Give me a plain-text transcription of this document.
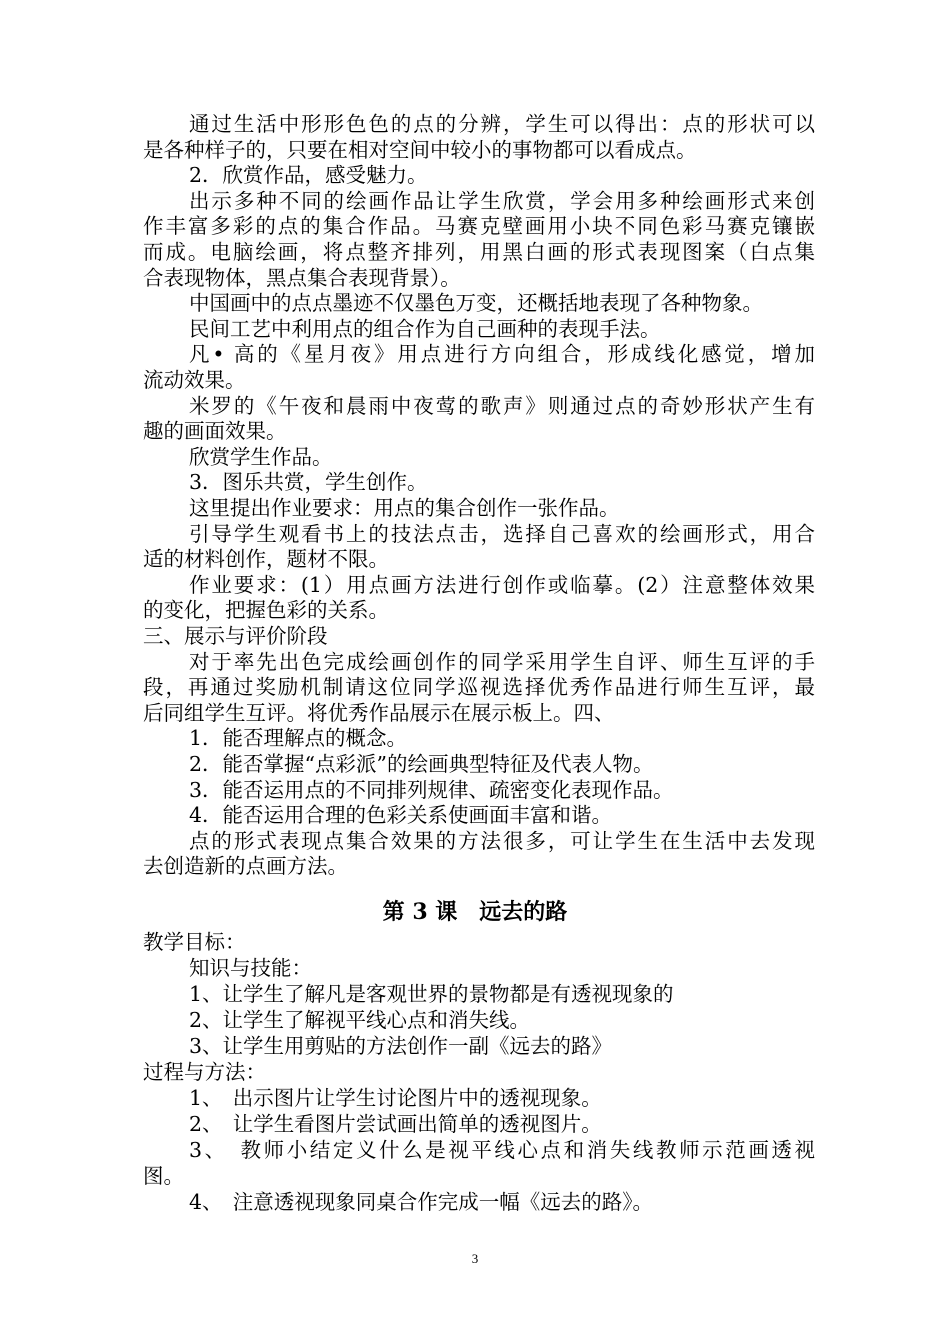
通过生活中形形色色的点的分辨，学生可以得出：点的形状可以
是各种样子的，只要在相对空间中较小的事物都可以看成点。
2．欣赏作品，感受魅力。
出示多种不同的绘画作品让学生欣赏，学会用多种绘画形式来创
作丰富多彩的点的集合作品。马赛克壁画用小块不同色彩马赛克镶嵌
而成。电脑绘画，将点整齐排列，用黑白画的形式表现图案（白点集
合表现物体，黑点集合表现背景）。
中国画中的点点墨迹不仅墨色万变，还概括地表现了各种物象。
民间工艺中利用点的组合作为自己画种的表现手法。
凡• 高的《星月夜》用点进行方向组合，形成线化感觉，增加
流动效果。
米罗的《午夜和晨雨中夜莺的歌声》则通过点的奇妙形状产生有
趣的画面效果。
欣赏学生作品。
3．图乐共赏，学生创作。
这里提出作业要求：用点的集合创作一张作品。
引导学生观看书上的技法点击，选择自己喜欢的绘画形式，用合
适的材料创作，题材不限。
作业要求：(1）用点画方法进行创作或临摹。(2）注意整体效果
的变化，把握色彩的关系。
三、展示与评价阶段
对于率先出色完成绘画创作的同学采用学生自评、师生互评的手
段，再通过奖励机制请这位同学巡视选择优秀作品进行师生互评，最
后同组学生互评。将优秀作品展示在展示板上。四、
1．能否理解点的概念。
2．能否掌握“点彩派”的绘画典型特征及代表人物。
3．能否运用点的不同排列规律、疏密变化表现作品。
4．能否运用合理的色彩关系使画面丰富和谐。
点的形式表现点集合效果的方法很多，可让学生在生活中去发现
去创造新的点画方法。
第 3 课　远去的路
教学目标：
知识与技能：
1、让学生了解凡是客观世界的景物都是有透视现象的
2、让学生了解视平线心点和消失线。
3、让学生用剪贴的方法创作一副《远去的路》
过程与方法：
1、　出示图片让学生讨论图片中的透视现象。
2、　让学生看图片尝试画出简单的透视图片。
3、　教师小结定义什么是视平线心点和消失线教师示范画透视
图。
4、　注意透视现象同桌合作完成一幅《远去的路》。
3
